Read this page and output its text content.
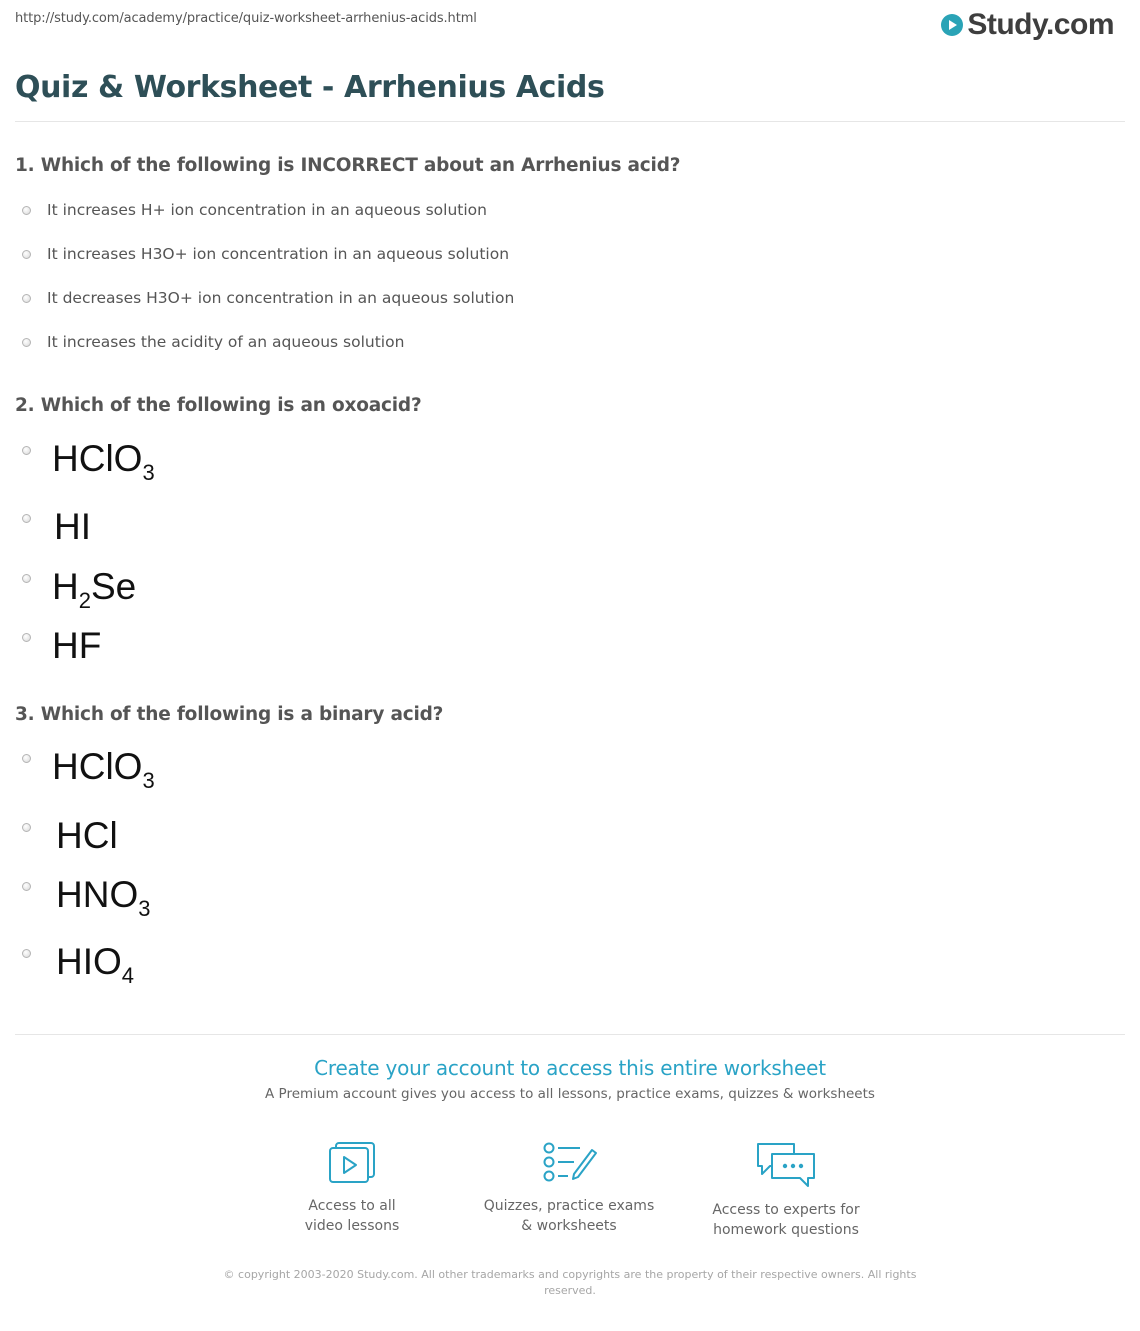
http://study.com/academy/practice/quiz-worksheet-arrhenius-acids.html	Study.com
Quiz & Worksheet - Arrhenius Acids
1. Which of the following is INCORRECT about an Arrhenius acid?
It increases H+ ion concentration in an aqueous solution
It increases H3O+ ion concentration in an aqueous solution
It decreases H3O+ ion concentration in an aqueous solution
It increases the acidity of an aqueous solution
2. Which of the following is an oxoacid?
HClO$_3$
HI
$H_2Se$
HF
3. Which of the following is a binary acid?
HClO$_3$
HCl
$HNO_3$
$HIO_4$
Create your account to access this entire worksheet
A Premium account gives you access to all lessons, practice exams, quizzes & worksheets
Access to all
video lessons
Quizzes, practice exams
& worksheets
Access to experts for
homework questions
© copyright 2003-2020 Study.com. All other trademarks and copyrights are the property of their respective owners. All rights
reserved.
